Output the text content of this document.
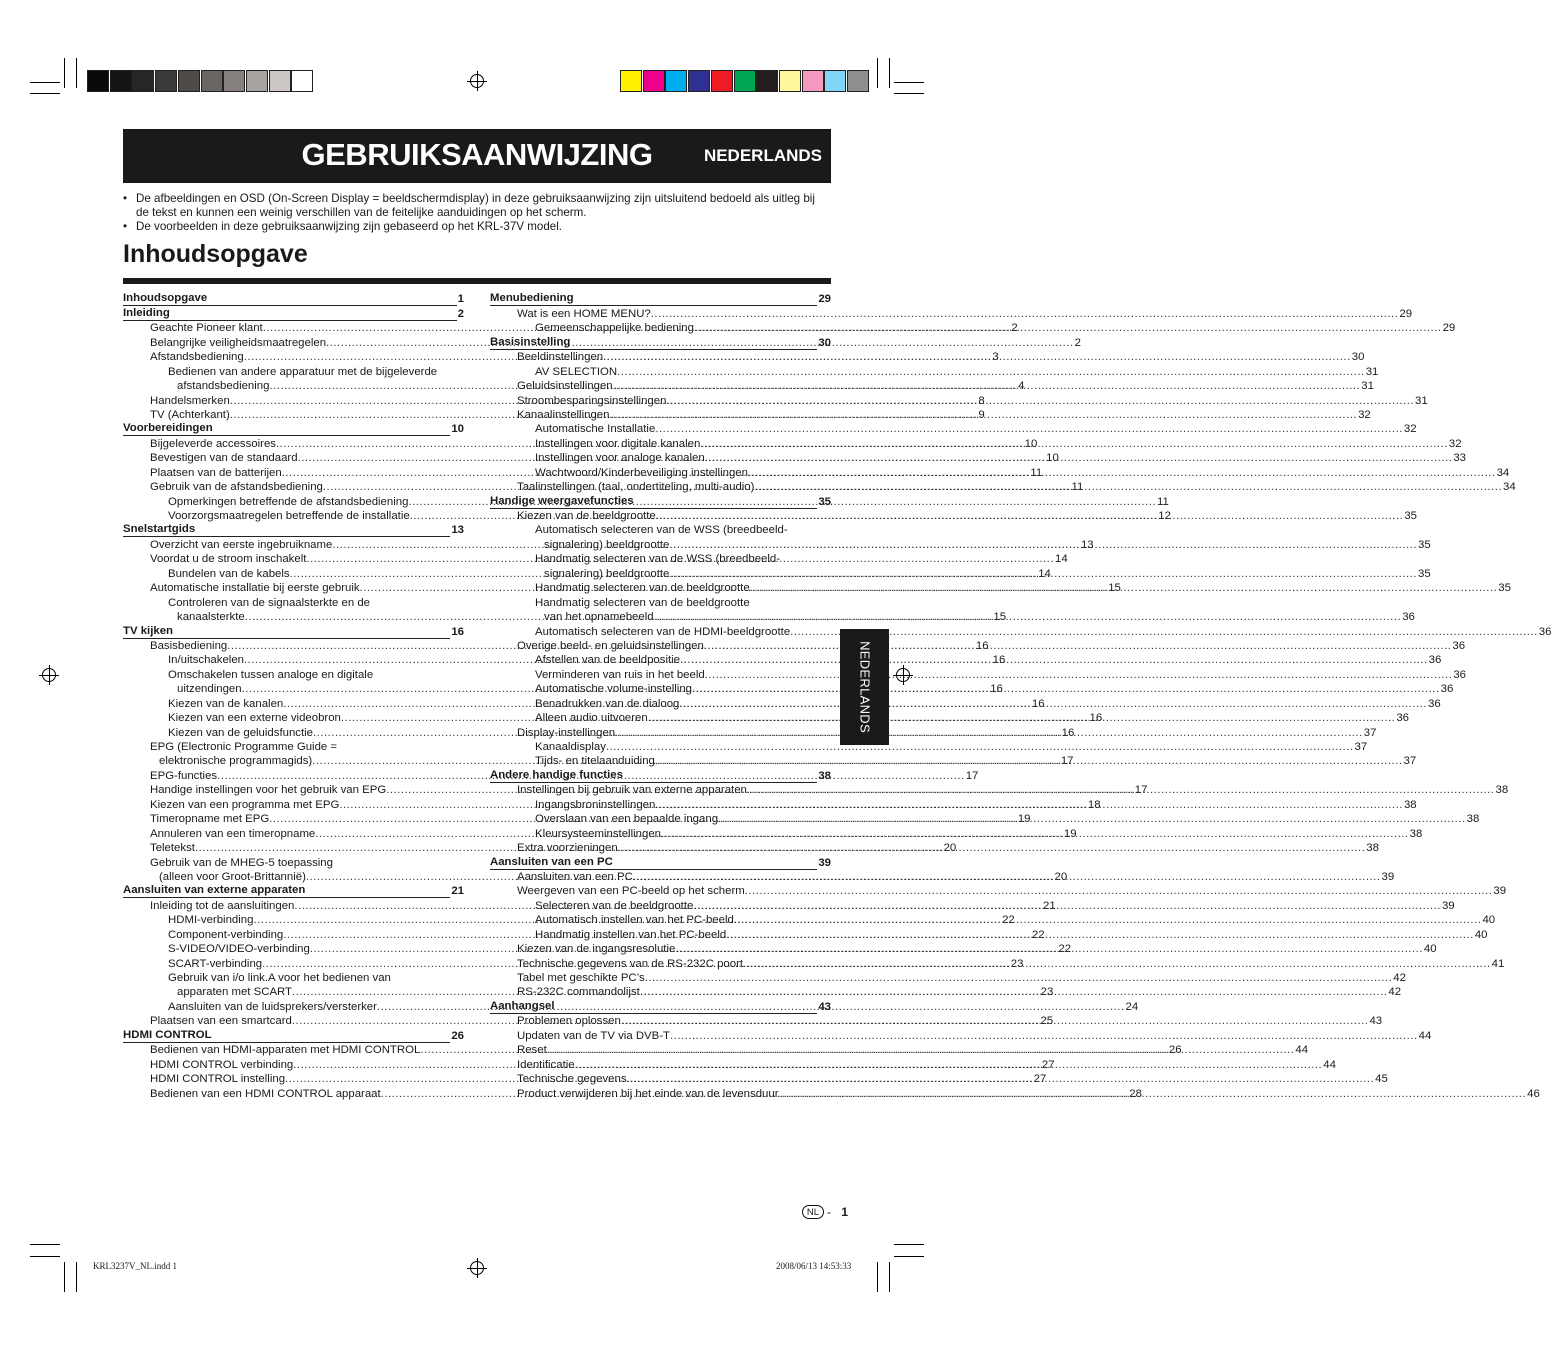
GEBRUIKSAANWIJZING	NEDERLANDS
• De afbeeldingen en OSD (On-Screen Display = beeldschermdisplay) in deze gebruiksaanwijzing zijn uitsluitend bedoeld als uitleg bij de tekst en kunnen een weinig verschillen van de feitelijke aanduidingen op het scherm.
• De voorbeelden in deze gebruiksaanwijzing zijn gebaseerd op het KRL-37V model.
Inhoudsopgave
Inhoudsopgave	1
Inleiding	2
Geachte Pioneer klant .....	2
Belangrijke veiligheidsmaatregelen .....	2
Afstandsbediening .....	3
Bedienen van andere apparatuur met de bijgeleverde
afstandsbediening .....	4
Handelsmerken .....	8
TV (Achterkant) .....	9
Voorbereidingen	10
Bijgeleverde accessoires .....	10
Bevestigen van de standaard .....	10
Plaatsen van de batterijen .....	11
Gebruik van de afstandsbediening .....	11
Opmerkingen betreffende de afstandsbediening .....	11
Voorzorgsmaatregelen betreffende de installatie .....	12
Snelstartgids	13
Overzicht van eerste ingebruikname .....	13
Voordat u de stroom inschakelt .....	14
Bundelen van de kabels .....	14
Automatische installatie bij eerste gebruik .....	15
Controleren van de signaalsterkte en de
kanaalsterkte .....	15
TV kijken	16
Basisbediening .....	16
In/uitschakelen .....	16
Omschakelen tussen analoge en digitale
uitzendingen .....	16
Kiezen van de kanalen .....	16
Kiezen van een externe videobron .....	16
Kiezen van de geluidsfunctie .....	16
EPG (Electronic Programme Guide =
elektronische programmagids) .....	17
EPG-functies .....	17
Handige instellingen voor het gebruik van EPG .....	17
Kiezen van een programma met EPG .....	18
Timeropname met EPG .....	19
Annuleren van een timeropname .....	19
Teletekst .....	20
Gebruik van de MHEG-5 toepassing
(alleen voor Groot-Brittannië) .....	20
Aansluiten van externe apparaten	21
Inleiding tot de aansluitingen .....	21
HDMI-verbinding .....	22
Component-verbinding .....	22
S-VIDEO/VIDEO-verbinding .....	22
SCART-verbinding .....	23
Gebruik van i/o link.A voor het bedienen van
apparaten met SCART .....	23
Aansluiten van de luidsprekers/versterker .....	24
Plaatsen van een smartcard .....	25
HDMI CONTROL	26
Bedienen van HDMI-apparaten met HDMI CONTROL .....	26
HDMI CONTROL verbinding .....	27
HDMI CONTROL instelling .....	27
Bedienen van een HDMI CONTROL apparaat .....	28
Menubediening	29
Wat is een HOME MENU? .....	29
Gemeenschappelijke bediening .....	29
Basisinstelling	30
Beeldinstellingen .....	30
AV SELECTION .....	31
Geluidsinstellingen .....	31
Stroombesparingsinstellingen .....	31
Kanaalinstellingen .....	32
Automatische Installatie .....	32
Instellingen voor digitale kanalen .....	32
Instellingen voor analoge kanalen .....	33
Wachtwoord/Kinderbeveiliging instellingen .....	34
Taalinstellingen (taal, ondertiteling, multi-audio) .....	34
Handige weergavefuncties	35
Kiezen van de beeldgrootte .....	35
Automatisch selecteren van de WSS (breedbeeld-
signalering) beeldgrootte .....	35
Handmatig selecteren van de WSS (breedbeeld-
signalering) beeldgrootte .....	35
Handmatig selecteren van de beeldgrootte .....	35
Handmatig selecteren van de beeldgrootte
van het opnamebeeld .....	36
Automatisch selecteren van de HDMI-beeldgrootte .....	36
Overige beeld- en geluidsinstellingen .....	36
Afstellen van de beeldpositie .....	36
Verminderen van ruis in het beeld .....	36
Automatische volume-instelling .....	36
Benadrukken van de dialoog .....	36
Alleen audio uitvoeren .....	36
Display-instellingen .....	37
Kanaaldisplay .....	37
Tijds- en titelaanduiding .....	37
Andere handige functies	38
Instellingen bij gebruik van externe apparaten .....	38
Ingangsbroninstellingen .....	38
Overslaan van een bepaalde ingang .....	38
Kleursysteeminstellingen .....	38
Extra voorzieningen .....	38
Aansluiten van een PC	39
Aansluiten van een PC .....	39
Weergeven van een PC-beeld op het scherm .....	39
Selecteren van de beeldgrootte .....	39
Automatisch instellen van het PC-beeld .....	40
Handmatig instellen van het PC-beeld .....	40
Kiezen van de ingangsresolutie .....	40
Technische gegevens van de RS-232C poort .....	41
Tabel met geschikte PC’s .....	42
RS-232C commandolijst .....	42
Aanhangsel	43
Problemen oplossen .....	43
Updaten van de TV via DVB-T .....	44
Reset .....	44
Identificatie .....	44
Technische gegevens .....	45
Product verwijderen bij het einde van de levensduur .....	46
NEDERLANDS
NL - 1
KRL3237V_NL.indd 1	2008/06/13 14:53:33
